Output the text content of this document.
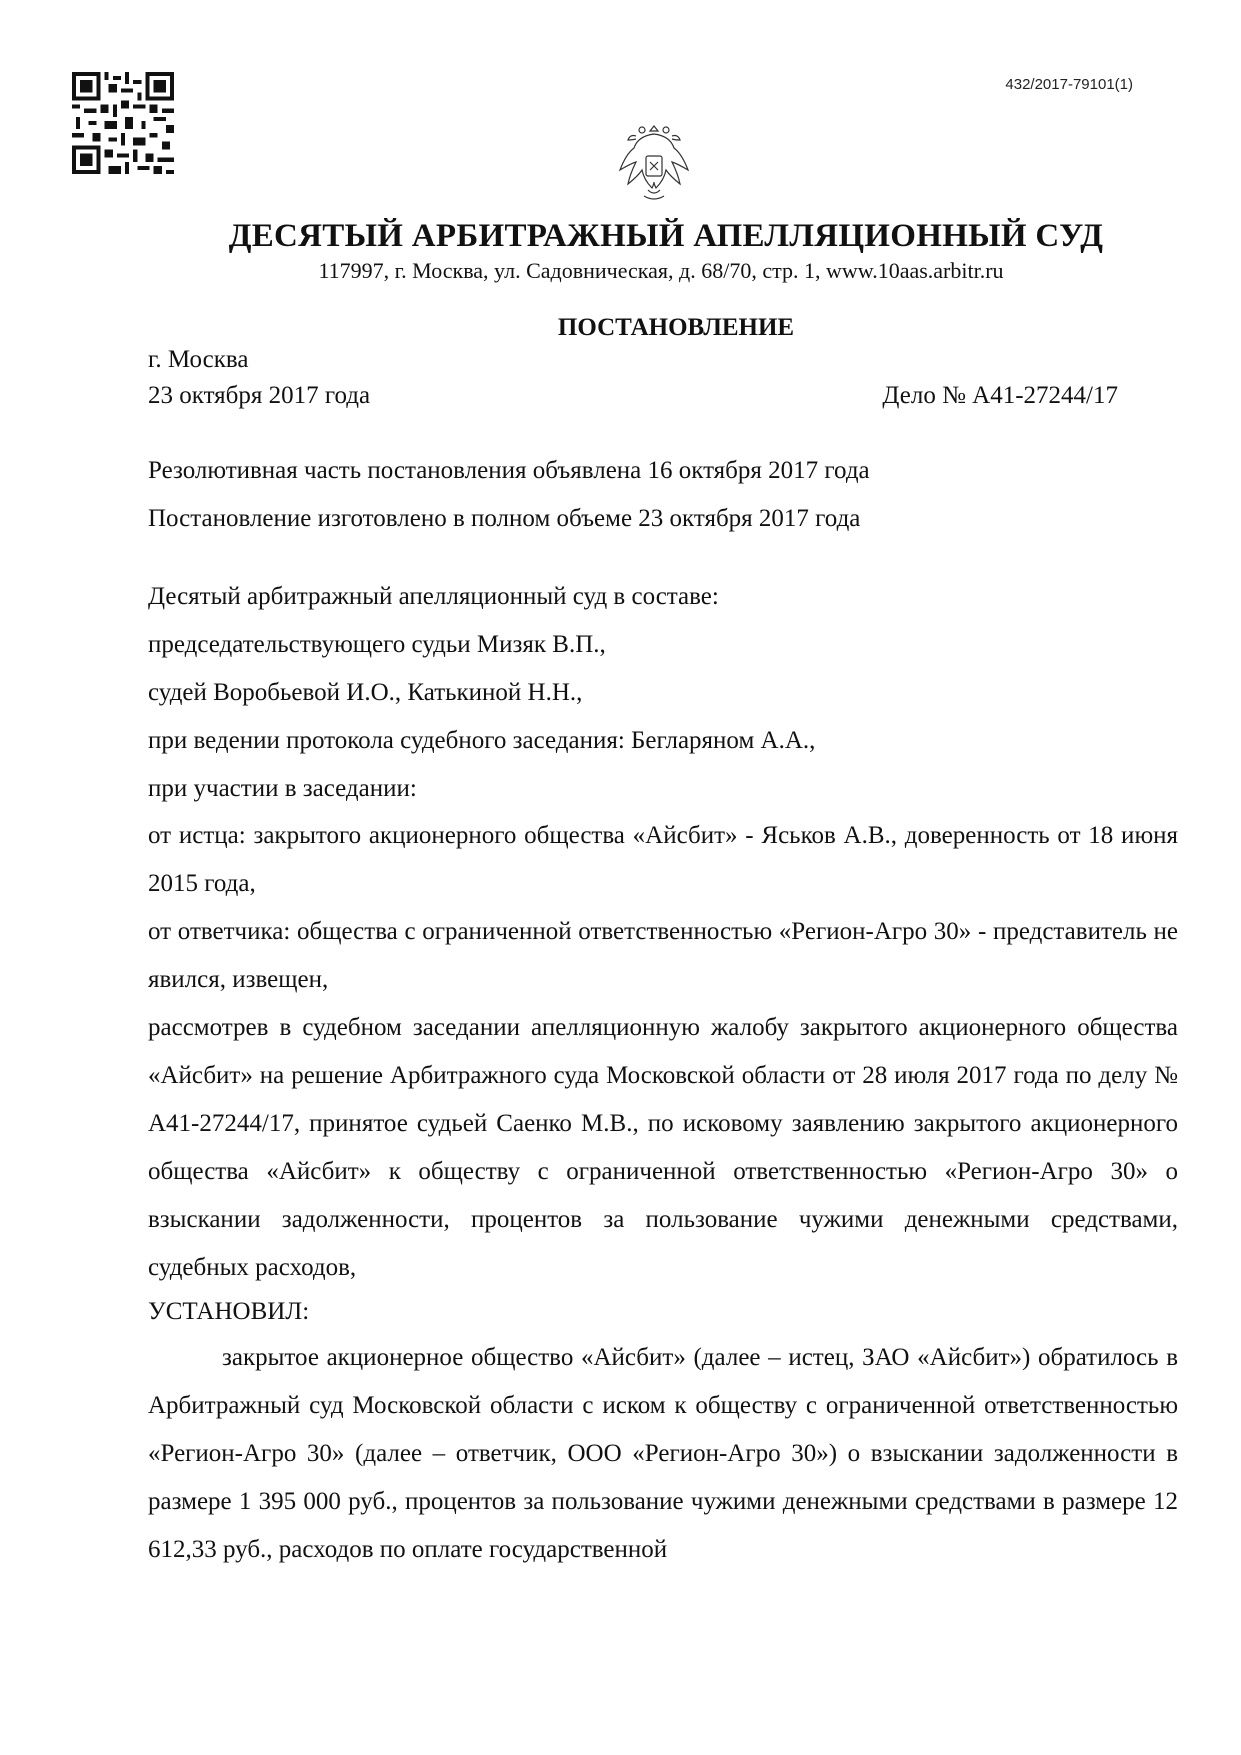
432/2017-79101(1)
ДЕСЯТЫЙ АРБИТРАЖНЫЙ АПЕЛЛЯЦИОННЫЙ СУД
117997, г. Москва, ул. Садовническая, д. 68/70, стр. 1, www.10aas.arbitr.ru
ПОСТАНОВЛЕНИЕ
г. Москва
23 октября 2017 года	Дело № А41-27244/17
Резолютивная часть постановления объявлена 16 октября 2017 года
Постановление изготовлено в полном объеме 23 октября 2017 года
Десятый арбитражный апелляционный суд в составе:
председательствующего судьи Мизяк В.П.,
судей Воробьевой И.О., Катькиной Н.Н.,
при ведении протокола судебного заседания: Бегларяном А.А.,
при участии в заседании:
от истца: закрытого акционерного общества «Айсбит» - Яськов А.В., доверенность от 18 июня 2015 года,
от ответчика: общества с ограниченной ответственностью «Регион-Агро 30» - представитель не явился, извещен,
рассмотрев в судебном заседании апелляционную жалобу закрытого акционерного общества «Айсбит» на решение Арбитражного суда Московской области от 28 июля 2017 года по делу № А41-27244/17, принятое судьей Саенко М.В., по исковому заявлению закрытого акционерного общества «Айсбит» к обществу с ограниченной ответственностью «Регион-Агро 30» о взыскании задолженности, процентов за пользование чужими денежными средствами, судебных расходов,
УСТАНОВИЛ:
закрытое акционерное общество «Айсбит» (далее – истец, ЗАО «Айсбит») обратилось в Арбитражный суд Московской области с иском к обществу с ограниченной ответственностью «Регион-Агро 30» (далее – ответчик, ООО «Регион-Агро 30») о взыскании задолженности в размере 1 395 000 руб., процентов за пользование чужими денежными средствами в размере 12 612,33 руб., расходов по оплате государственной
